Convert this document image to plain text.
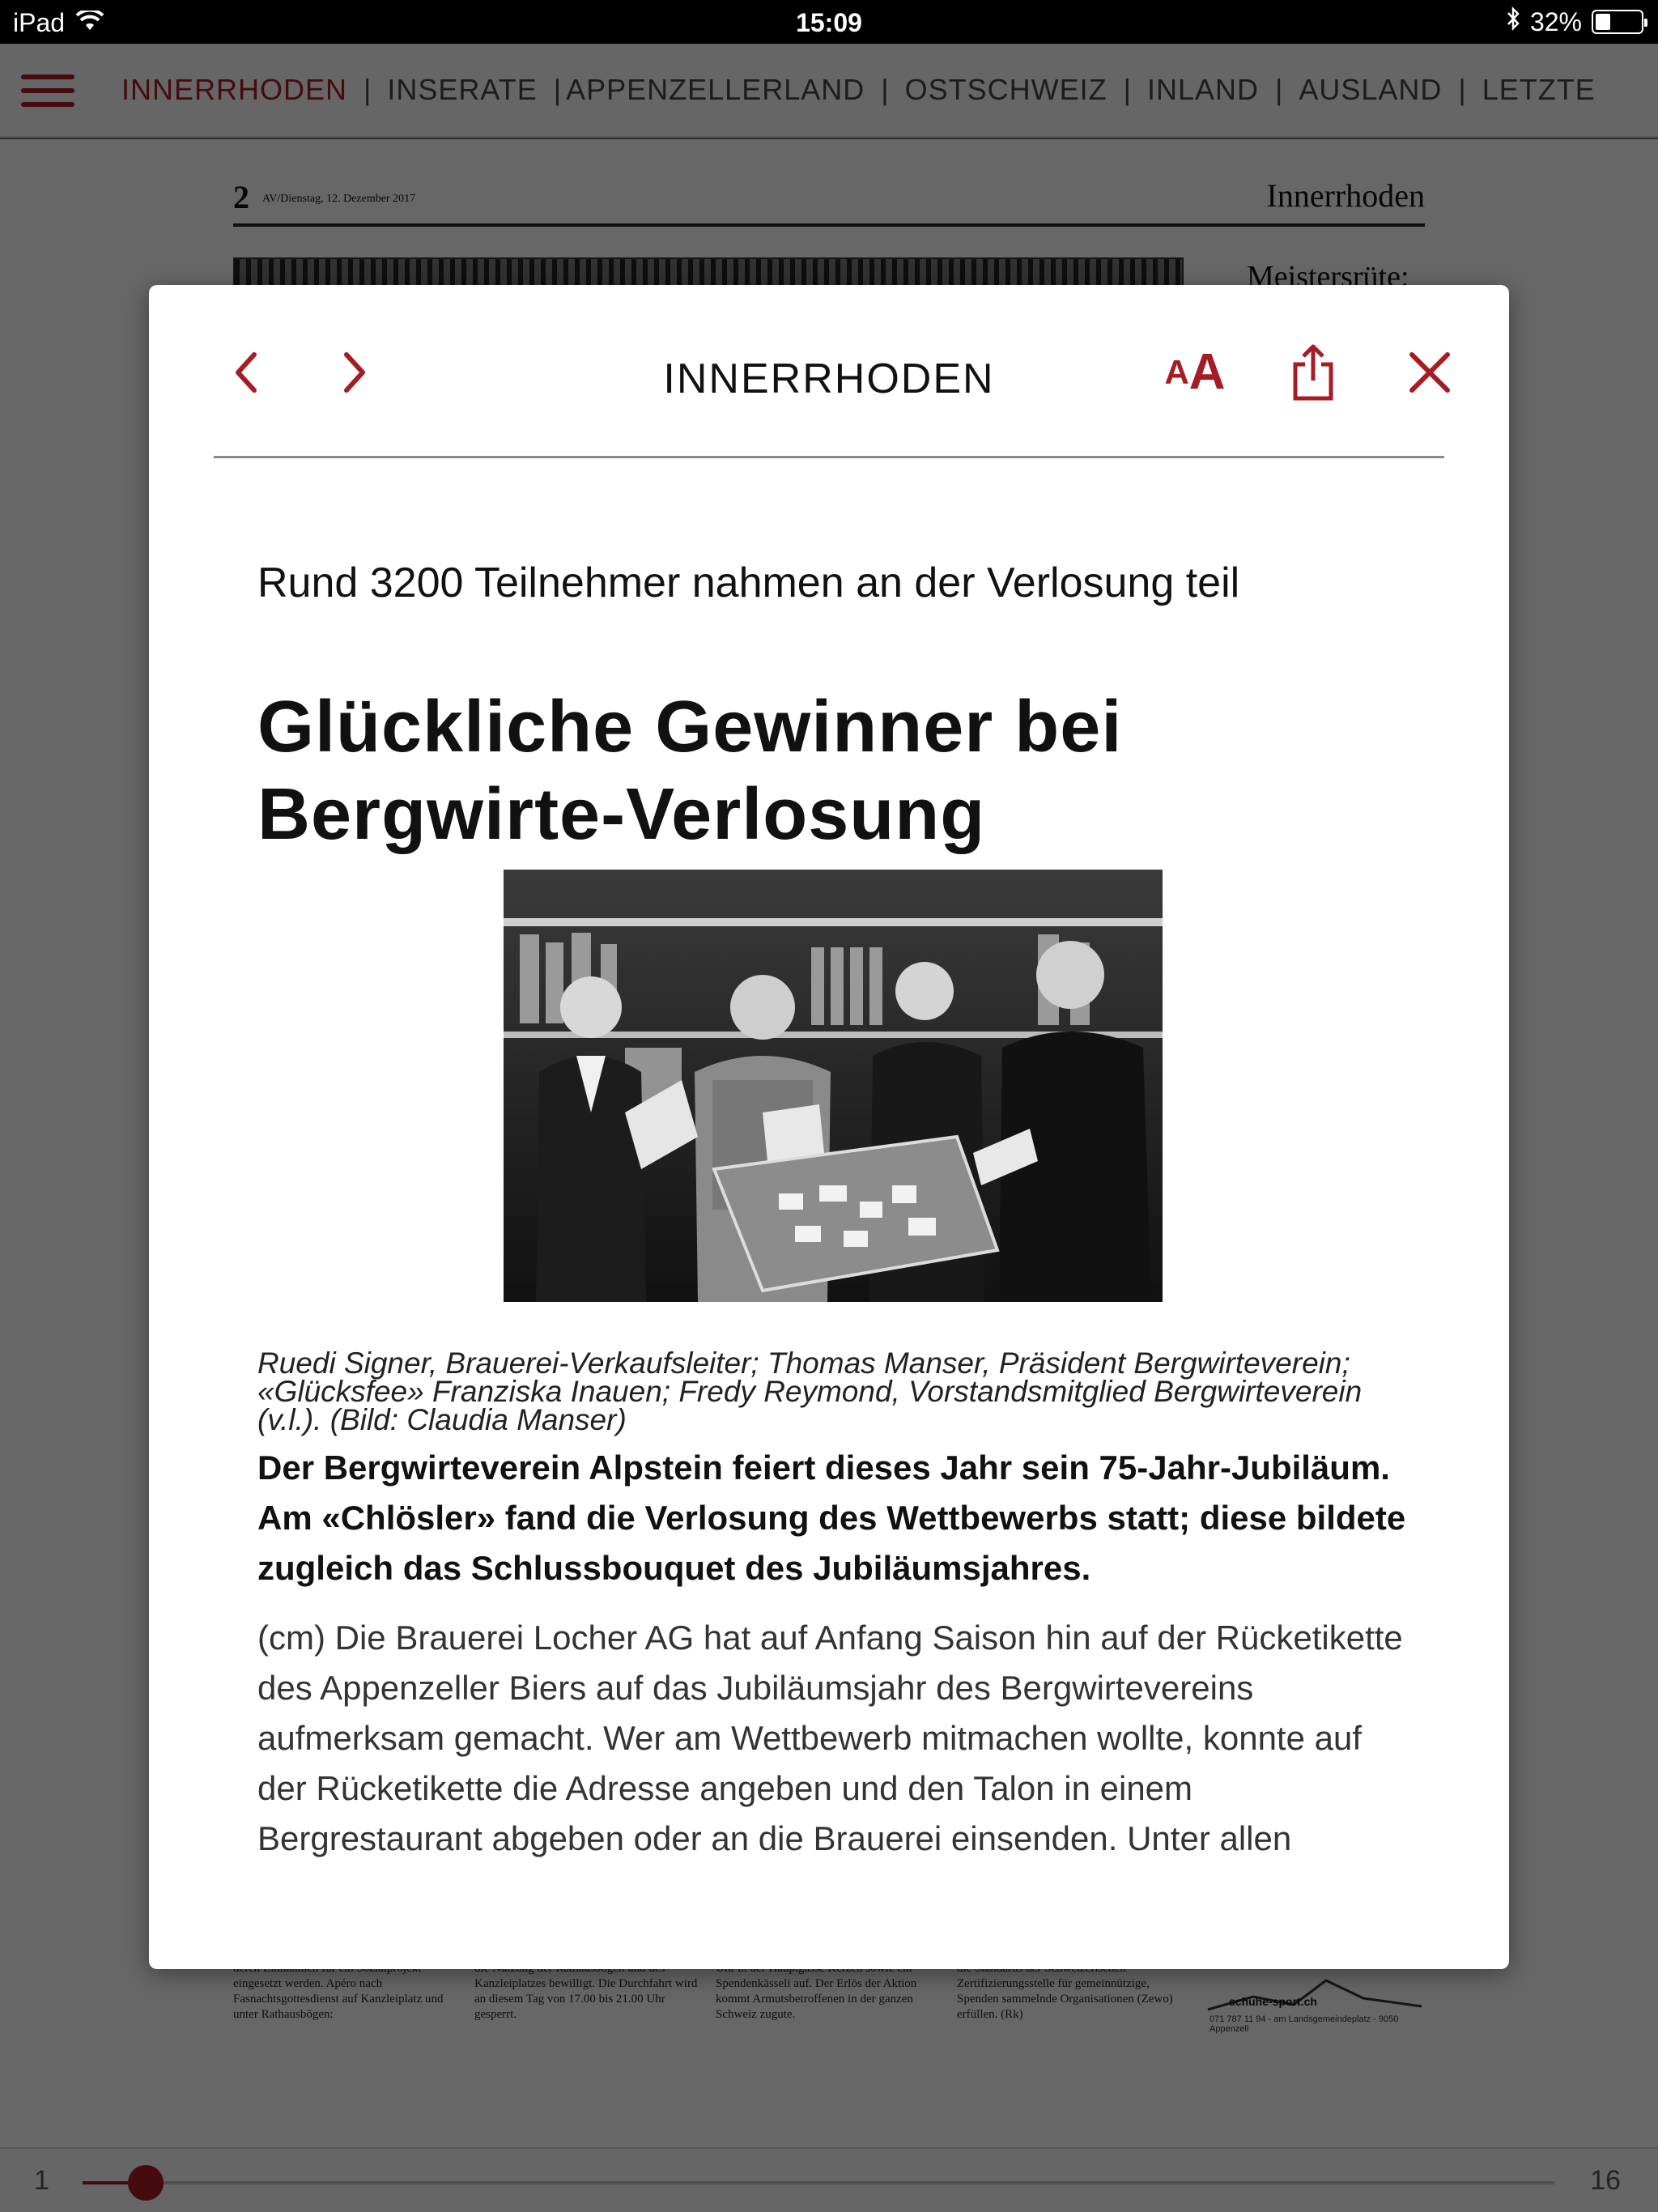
iPad	15:09	32%
INNERRHODEN	A A
Rund 3200 Teilnehmer nahmen an der Verlosung teil
Glückliche Gewinner bei Bergwirte-Verlosung
Ruedi Signer, Brauerei-Verkaufsleiter; Thomas Manser, Präsident Bergwirteverein; «Glücksfee» Franziska Inauen; Fredy Reymond, Vorstandsmitglied Bergwirteverein (v.l.). (Bild: Claudia Manser)
Der Bergwirteverein Alpstein feiert dieses Jahr sein 75-Jahr-Jubiläum. Am «Chlösler» fand die Verlosung des Wettbewerbs statt; diese bildete zugleich das Schlussbouquet des Jubiläumsjahres.
(cm) Die Brauerei Locher AG hat auf Anfang Saison hin auf der Rücketikette des Appenzeller Biers auf das Jubiläumsjahr des Bergwirtevereins aufmerksam gemacht. Wer am Wettbewerb mitmachen wollte, konnte auf der Rücketikette die Adresse angeben und den Talon in einem Bergrestaurant abgeben oder an die Brauerei einsenden. Unter allen
